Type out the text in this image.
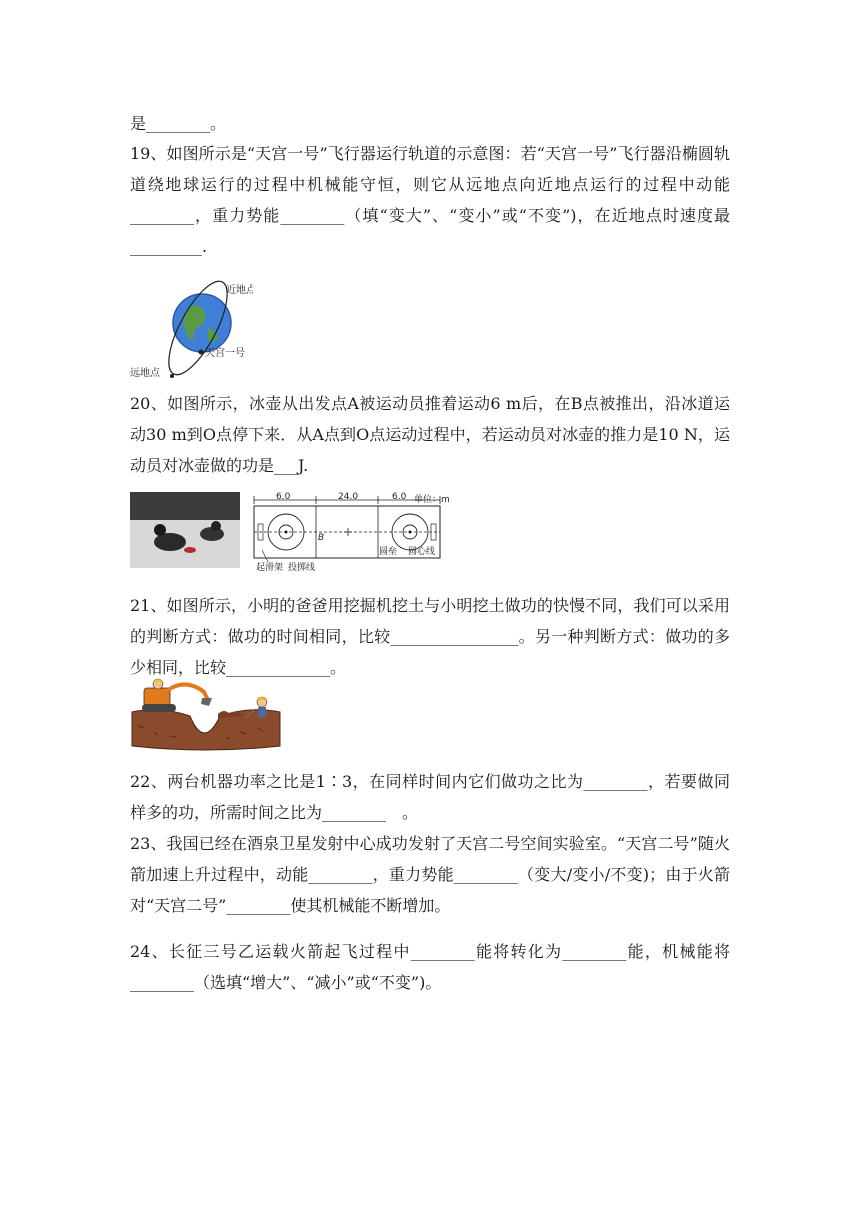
是________。

19、如图所示是“天宫一号”飞行器运行轨道的示意图：若“天宫一号”飞行器沿椭圆轨道绕地球运行的过程中机械能守恒，则它从远地点向近地点运行的过程中动能________，重力势能________（填“变大”、“变小”或“不变”)，在近地点时速度最_________.

近地点
天宫一号
远地点

20、如图所示，冰壶从出发点A被运动员推着运动6 m后，在B点被推出，沿冰道运动30 m到O点停下来．从A点到O点运动过程中，若运动员对冰壶的推力是10 N，运动员对冰壶做的功是___J.

6.0	24.0	6.0 单位：m
B
起滑架 投掷线
圆垒 圆心线

21、如图所示，小明的爸爸用挖掘机挖土与小明挖土做功的快慢不同，我们可以采用的判断方式：做功的时间相同，比较________________。另一种判断方式：做功的多少相同，比较_____________。

22、两台机器功率之比是1∶3，在同样时间内它们做功之比为________，若要做同样多的功，所需时间之比为________　。

23、我国已经在酒泉卫星发射中心成功发射了天宫二号空间实验室。“天宫二号”随火箭加速上升过程中，动能________，重力势能________（变大/变小/不变)；由于火箭对“天宫二号”________使其机械能不断增加。

24、长征三号乙运载火箭起飞过程中________能将转化为________能，机械能将________（选填“增大”、“减小”或“不变”)。
